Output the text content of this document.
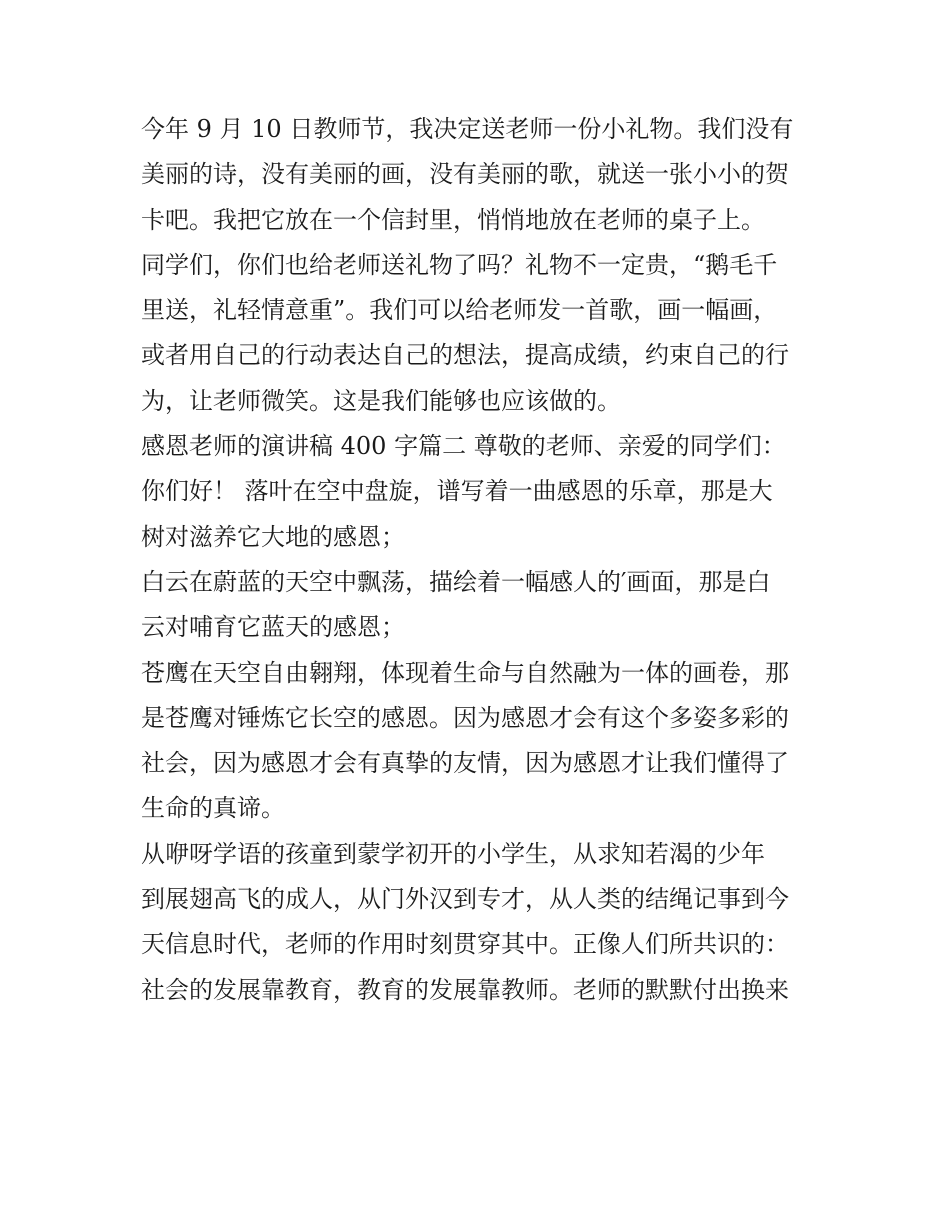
今年 9 月 10 日教师节，我决定送老师一份小礼物。我们没有
美丽的诗，没有美丽的画，没有美丽的歌，就送一张小小的贺
卡吧。我把它放在一个信封里，悄悄地放在老师的桌子上。
同学们，你们也给老师送礼物了吗？礼物不一定贵，“鹅毛千
里送，礼轻情意重”。我们可以给老师发一首歌，画一幅画，
或者用自己的行动表达自己的想法，提高成绩，约束自己的行
为，让老师微笑。这是我们能够也应该做的。
感恩老师的演讲稿 400 字篇二 尊敬的老师、亲爱的同学们：
你们好！ 落叶在空中盘旋，谱写着一曲感恩的乐章，那是大
树对滋养它大地的感恩；
白云在蔚蓝的天空中飘荡，描绘着一幅感人的′画面，那是白
云对哺育它蓝天的感恩；
苍鹰在天空自由翱翔，体现着生命与自然融为一体的画卷，那
是苍鹰对锤炼它长空的感恩。因为感恩才会有这个多姿多彩的
社会，因为感恩才会有真挚的友情，因为感恩才让我们懂得了
生命的真谛。
从咿呀学语的孩童到蒙学初开的小学生，从求知若渴的少年
到展翅高飞的成人，从门外汉到专才，从人类的结绳记事到今
天信息时代，老师的作用时刻贯穿其中。正像人们所共识的：
社会的发展靠教育，教育的发展靠教师。老师的默默付出换来
